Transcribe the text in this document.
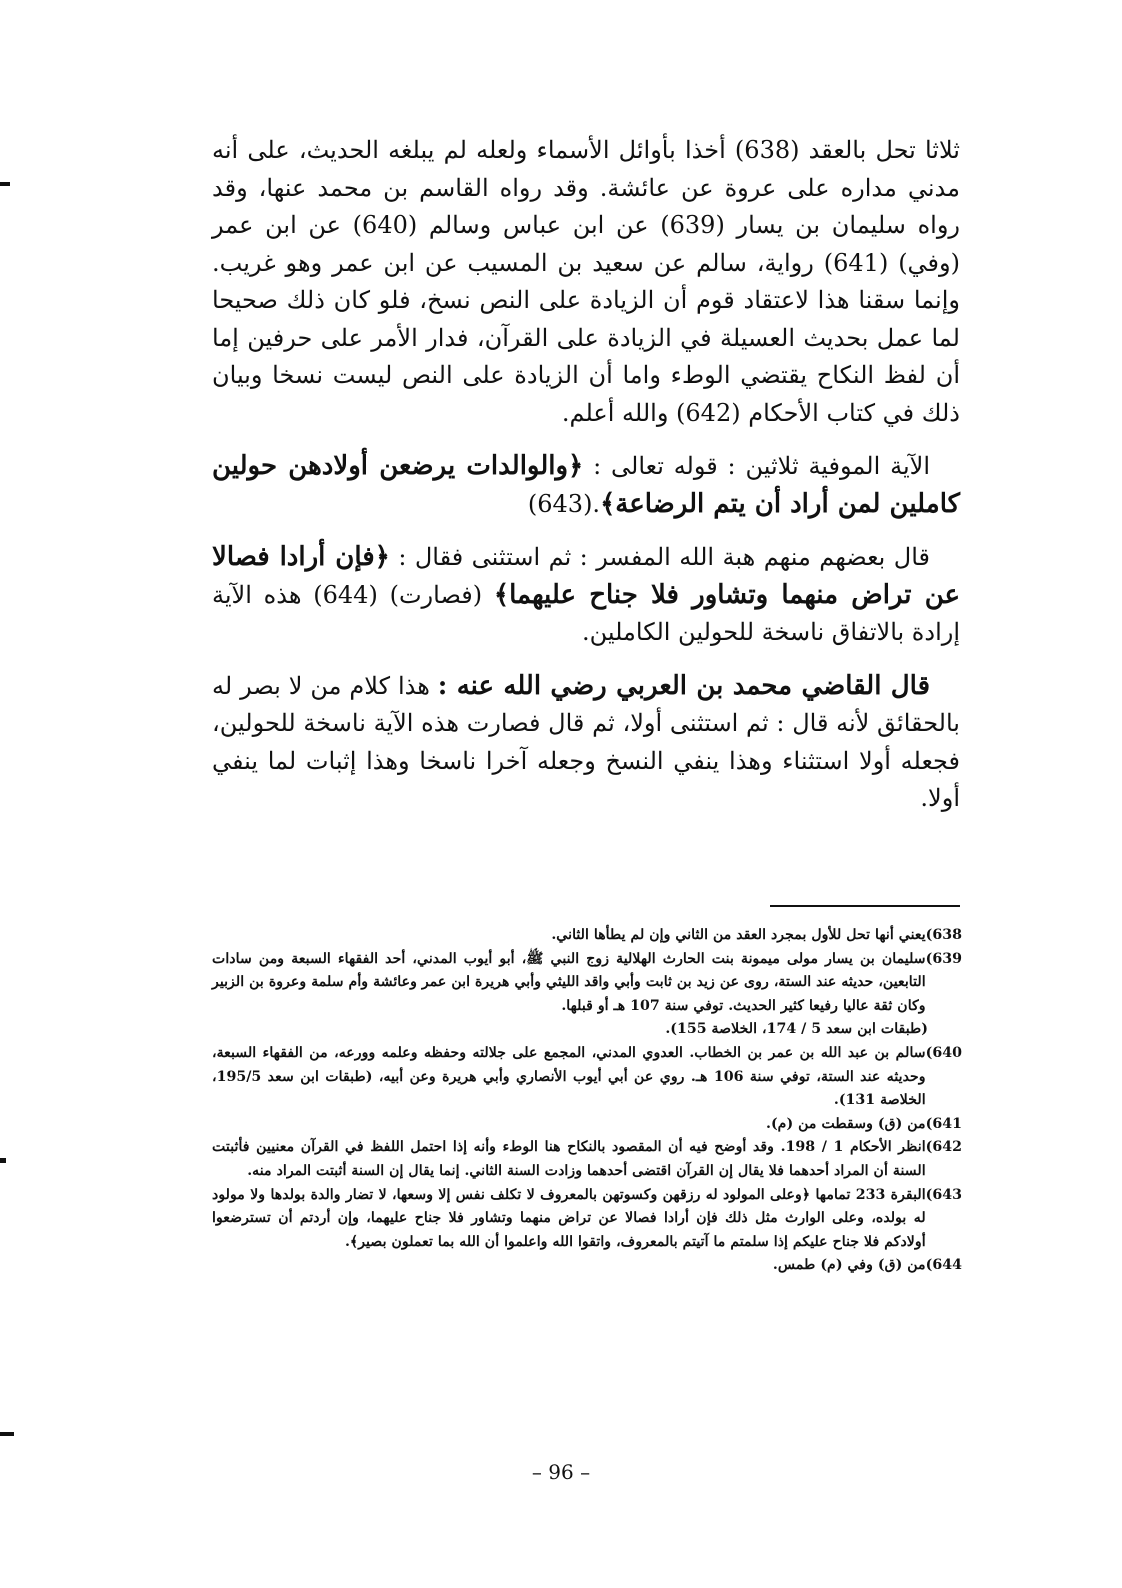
ثلاثا تحل بالعقد (638) أخذا بأوائل الأسماء ولعله لم يبلغه الحديث، على أنه مدني مداره على عروة عن عائشة. وقد رواه القاسم بن محمد عنها، وقد رواه سليمان بن يسار (639) عن ابن عباس وسالم (640) عن ابن عمر (وفي) (641) رواية، سالم عن سعيد بن المسيب عن ابن عمر وهو غريب. وإنما سقنا هذا لاعتقاد قوم أن الزيادة على النص نسخ، فلو كان ذلك صحيحا لما عمل بحديث العسيلة في الزيادة على القرآن، فدار الأمر على حرفين إما أن لفظ النكاح يقتضي الوطء واما أن الزيادة على النص ليست نسخا وبيان ذلك في كتاب الأحكام (642) والله أعلم.

الآية الموفية ثلاثين : قوله تعالى : ﴿والوالدات يرضعن أولادهن حولين كاملين لمن أراد أن يتم الرضاعة﴾.(643)

قال بعضهم منهم هبة الله المفسر : ثم استثنى فقال : ﴿فإن أرادا فصالا عن تراض منهما وتشاور فلا جناح عليهما﴾ (فصارت) (644) هذه الآية إرادة بالاتفاق ناسخة للحولين الكاملين.

قال القاضي محمد بن العربي رضي الله عنه : هذا كلام من لا بصر له بالحقائق لأنه قال : ثم استثنى أولا، ثم قال فصارت هذه الآية ناسخة للحولين، فجعله أولا استثناء وهذا ينفي النسخ وجعله آخرا ناسخا وهذا إثبات لما ينفي أولا.

638)
يعني أنها تحل للأول بمجرد العقد من الثاني وإن لم يطأها الثاني.
639)
سليمان بن يسار مولى ميمونة بنت الحارث الهلالية زوج النبي ﷺ، أبو أيوب المدني، أحد الفقهاء السبعة ومن سادات التابعين، حديثه عند الستة، روى عن زيد بن ثابت وأبي واقد الليثي وأبي هريرة ابن عمر وعائشة وأم سلمة وعروة بن الزبير وكان ثقة عاليا رفيعا كثير الحديث. توفي سنة 107 هـ أو قبلها.
(طبقات ابن سعد 5 / 174، الخلاصة 155).
640)
سالم بن عبد الله بن عمر بن الخطاب. العدوي المدني، المجمع على جلالته وحفظه وعلمه وورعه، من الفقهاء السبعة، وحديثه عند الستة، توفي سنة 106 هـ. روي عن أبي أيوب الأنصاري وأبي هريرة وعن أبيه، (طبقات ابن سعد 195/5، الخلاصة 131).
641)
من (ق) وسقطت من (م).
642)
انظر الأحكام 1 / 198. وقد أوضح فيه أن المقصود بالنكاح هنا الوطء وأنه إذا احتمل اللفظ في القرآن معنيين فأثبتت السنة أن المراد أحدهما فلا يقال إن القرآن اقتضى أحدهما وزادت السنة الثاني. إنما يقال إن السنة أثبتت المراد منه.
643)
البقرة 233 تمامها ﴿وعلى المولود له رزقهن وكسوتهن بالمعروف لا تكلف نفس إلا وسعها، لا تضار والدة بولدها ولا مولود له بولده، وعلى الوارث مثل ذلك فإن أرادا فصالا عن تراض منهما وتشاور فلا جناح عليهما، وإن أردتم أن تسترضعوا أولادكم فلا جناح عليكم إذا سلمتم ما آتيتم بالمعروف، واتقوا الله واعلموا أن الله بما تعملون بصير﴾.
644)
من (ق) وفي (م) طمس.
– 96 –
